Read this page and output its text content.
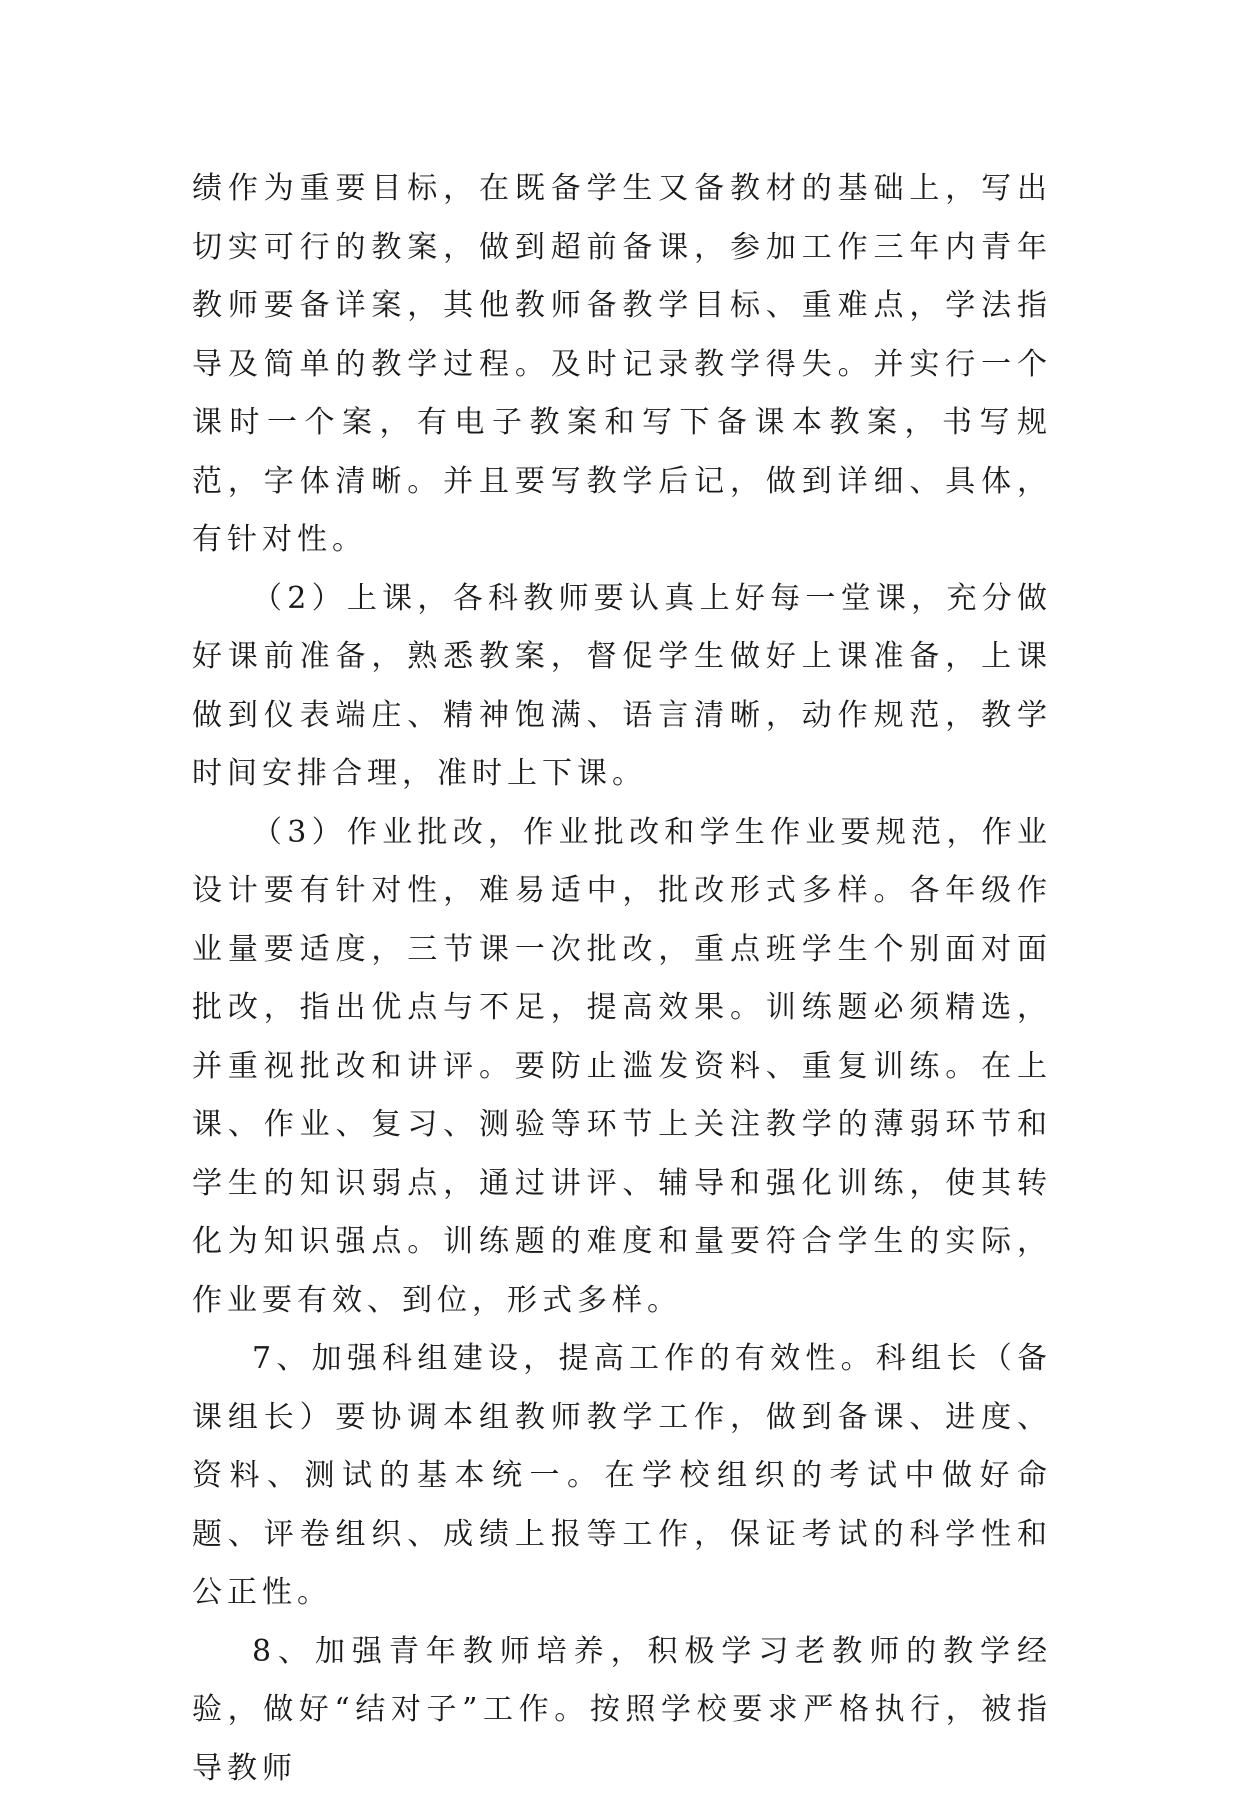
绩作为重要目标，在既备学生又备教材的基础上，写出切实可行的教案，做到超前备课，参加工作三年内青年教师要备详案，其他教师备教学目标、重难点，学法指导及简单的教学过程。及时记录教学得失。并实行一个课时一个案，有电子教案和写下备课本教案，书写规范，字体清晰。并且要写教学后记，做到详细、具体，有针对性。

（2）上课，各科教师要认真上好每一堂课，充分做好课前准备，熟悉教案，督促学生做好上课准备，上课做到仪表端庄、精神饱满、语言清晰，动作规范，教学时间安排合理，准时上下课。

（3）作业批改，作业批改和学生作业要规范，作业设计要有针对性，难易适中，批改形式多样。各年级作业量要适度，三节课一次批改，重点班学生个别面对面批改，指出优点与不足，提高效果。训练题必须精选，并重视批改和讲评。要防止滥发资料、重复训练。在上课、作业、复习、测验等环节上关注教学的薄弱环节和学生的知识弱点，通过讲评、辅导和强化训练，使其转化为知识强点。训练题的难度和量要符合学生的实际，作业要有效、到位，形式多样。

7、加强科组建设，提高工作的有效性。科组长（备课组长）要协调本组教师教学工作，做到备课、进度、资料、测试的基本统一。在学校组织的考试中做好命题、评卷组织、成绩上报等工作，保证考试的科学性和公正性。

8、加强青年教师培养，积极学习老教师的教学经验，做好“结对子”工作。按照学校要求严格执行，被指导教师
